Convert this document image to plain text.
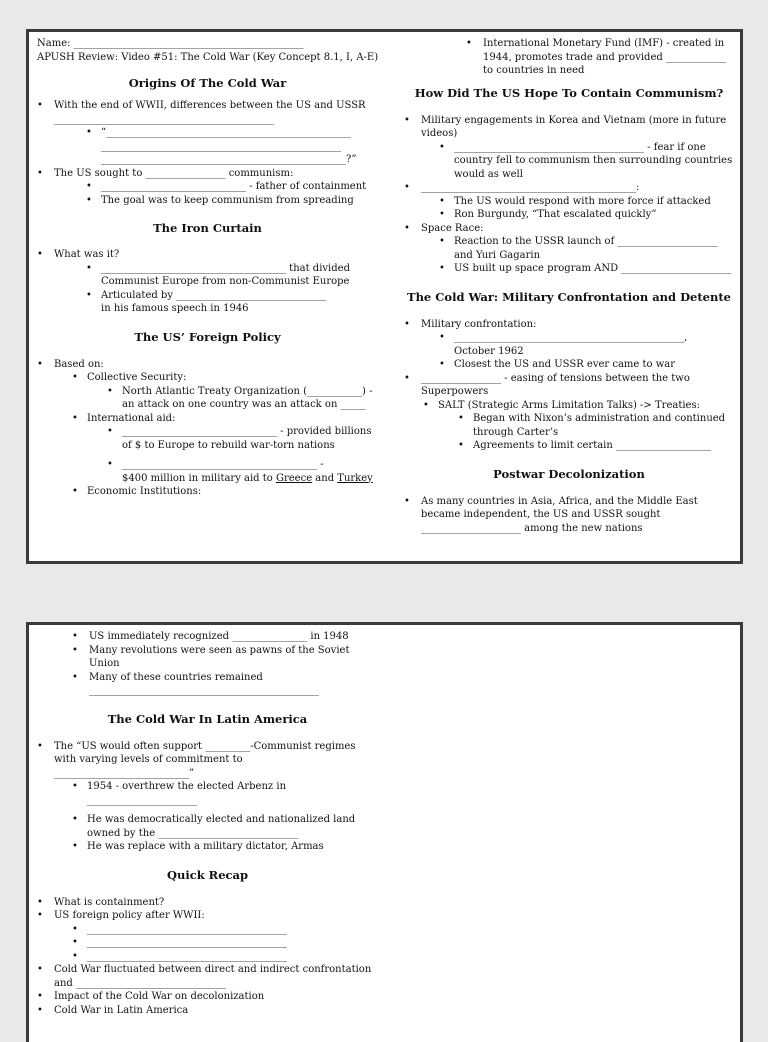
Name: ______________________________________________
APUSH Review: Video #51: The Cold War (Key Concept 8.1, I, A-E)
Origins Of The Cold War
• With the end of WWII, differences between the US and USSR ____________________________________________
• “_________________________________________________
________________________________________________
_________________________________________________?”
• The US sought to ________________ communism:
• _____________________________ - father of containment
• The goal was to keep communism from spreading
The Iron Curtain
• What was it?
• _____________________________________ that divided Communist Europe from non-Communist Europe
• Articulated by ______________________________
in his famous speech in 1946
The US’ Foreign Policy
• Based on:
• Collective Security:
• North Atlantic Treaty Organization (___________) - an attack on one country was an attack on _____
• International aid:
• _______________________________ - provided billions of $ to Europe to rebuild war-torn nations
• _______________________________________ -
$400 million in military aid to Greece and Turkey
• Economic Institutions:
• International Monetary Fund (IMF) - created in 1944, promotes trade and provided ____________ to countries in need
How Did The US Hope To Contain Communism?
• Military engagements in Korea and Vietnam (more in future videos)
• ______________________________________ - fear if one country fell to communism then surrounding countries would as well
• ___________________________________________:
• The US would respond with more force if attacked
• Ron Burgundy, “That escalated quickly”
• Space Race:
• Reaction to the USSR launch of ____________________ and Yuri Gagarin
• US built up space program AND ______________________
The Cold War: Military Confrontation and Detente
• Military confrontation:
• ______________________________________________,
October 1962
• Closest the US and USSR ever came to war
• ________________ - easing of tensions between the two Superpowers
• SALT (Strategic Arms Limitation Talks) -> Treaties:
• Began with Nixon’s administration and continued through Carter’s
• Agreements to limit certain ___________________
Postwar Decolonization
• As many countries in Asia, Africa, and the Middle East became independent, the US and USSR sought ____________________ among the new nations
• US immediately recognized _______________ in 1948
• Many revolutions were seen as pawns of the Soviet Union
• Many of these countries remained
______________________________________________
The Cold War In Latin America
• The “US would often support _________-Communist regimes with varying levels of commitment to
___________________________”
• 1954 - overthrew the elected Arbenz in
______________________
• He was democratically elected and nationalized land owned by the ____________________________
• He was replace with a military dictator, Armas
Quick Recap
• What is containment?
• US foreign policy after WWII:
• ________________________________________
• ________________________________________
• ________________________________________
• Cold War fluctuated between direct and indirect confrontation
and ______________________________
• Impact of the Cold War on decolonization
• Cold War in Latin America
